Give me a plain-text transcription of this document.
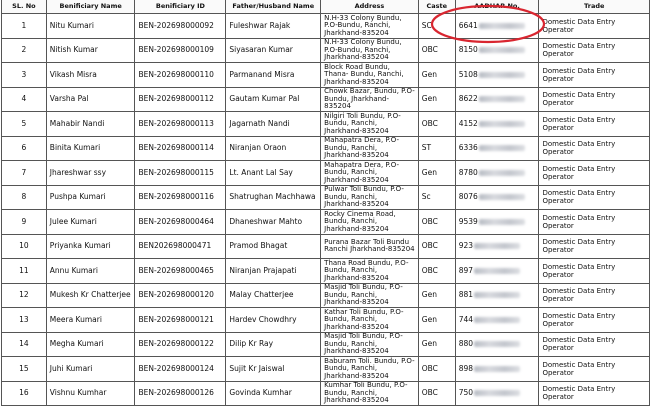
SL. No	Benificiary Name	Benificiary ID	Father/Husband Name	Address	Caste	AADHAR No.	Trade
1	Nitu Kumari	BEN-202698000092	Fuleshwar Rajak	N.H-33 Colony Bundu, P.O-Bundu, Ranchi, Jharkhand-835204	SC	6641	Domestic Data Entry Operator
2	Nitish Kumar	BEN-202698000109	Siyasaran Kumar	N.H-33 Colony Bundu, P.O-Bundu, Ranchi, Jharkhand-835204	OBC	8150	Domestic Data Entry Operator
3	Vikash Misra	BEN-202698000110	Parmanand Misra	Block Road Bundu, Thana- Bundu, Ranchi, Jharkhand-835204	Gen	5108	Domestic Data Entry Operator
4	Varsha Pal	BEN-202698000112	Gautam Kumar Pal	Chowk Bazar, Bundu, P.O-Bundu, Jharkhand-835204	Gen	8622	Domestic Data Entry Operator
5	Mahabir Nandi	BEN-202698000113	Jagarnath Nandi	Nilgiri Toli Bundu, P.O-Bundu, Ranchi, Jharkhand-835204	OBC	4152	Domestic Data Entry Operator
6	Binita Kumari	BEN-202698000114	Niranjan Oraon	Mahapatra Dera, P.O-Bundu, Ranchi, Jharkhand-835204	ST	6336	Domestic Data Entry Operator
7	Jhareshwar ssy	BEN-202698000115	Lt. Anant Lal Say	Mahapatra Dera, P.O-Bundu, Ranchi, Jharkhand-835204	Gen	8780	Domestic Data Entry Operator
8	Pushpa Kumari	BEN-202698000116	Shatrughan Machhawa	Pulwar Toli Bundu, P.O-Bundu, Ranchi, Jharkhand-835204	Sc	8076	Domestic Data Entry Operator
9	Julee Kumari	BEN-202698000464	Dhaneshwar Mahto	Rocky Cinema Road, Bundu, Ranchi, Jharkhand-835204	OBC	9539	Domestic Data Entry Operator
10	Priyanka Kumari	BEN202698000471	Pramod Bhagat	Purana Bazar Toli Bundu Ranchi Jharkhand-835204	OBC	923	Domestic Data Entry Operator
11	Annu Kumari	BEN-202698000465	Niranjan Prajapati	Thana Road Bundu, P.O-Bundu, Ranchi, Jharkhand-835204	OBC	897	Domestic Data Entry Operator
12	Mukesh Kr Chatterjee	BEN-202698000120	Malay Chatterjee	Masjid Toli Bundu, P.O-Bundu, Ranchi, Jharkhand-835204	Gen	881	Domestic Data Entry Operator
13	Meera Kumari	BEN-202698000121	Hardev Chowdhry	Kathar Toli Bundu, P.O-Bundu, Ranchi, Jharkhand-835204	Gen	744	Domestic Data Entry Operator
14	Megha Kumari	BEN-202698000122	Dilip Kr Ray	Masjid Toli Bundu, P.O-Bundu, Ranchi, Jharkhand-835204	Gen	880	Domestic Data Entry Operator
15	Juhi Kumari	BEN-202698000124	Sujit Kr Jaiswal	Baburam Toli. Bundu, P.O-Bundu, Ranchi, Jharkhand-835204	OBC	898	Domestic Data Entry Operator
16	Vishnu Kumhar	BEN-202698000126	Govinda Kumhar	Kumhar Toli Bundu, P.O-Bundu, Ranchi, Jharkhand-835204	OBC	750	Domestic Data Entry Operator
